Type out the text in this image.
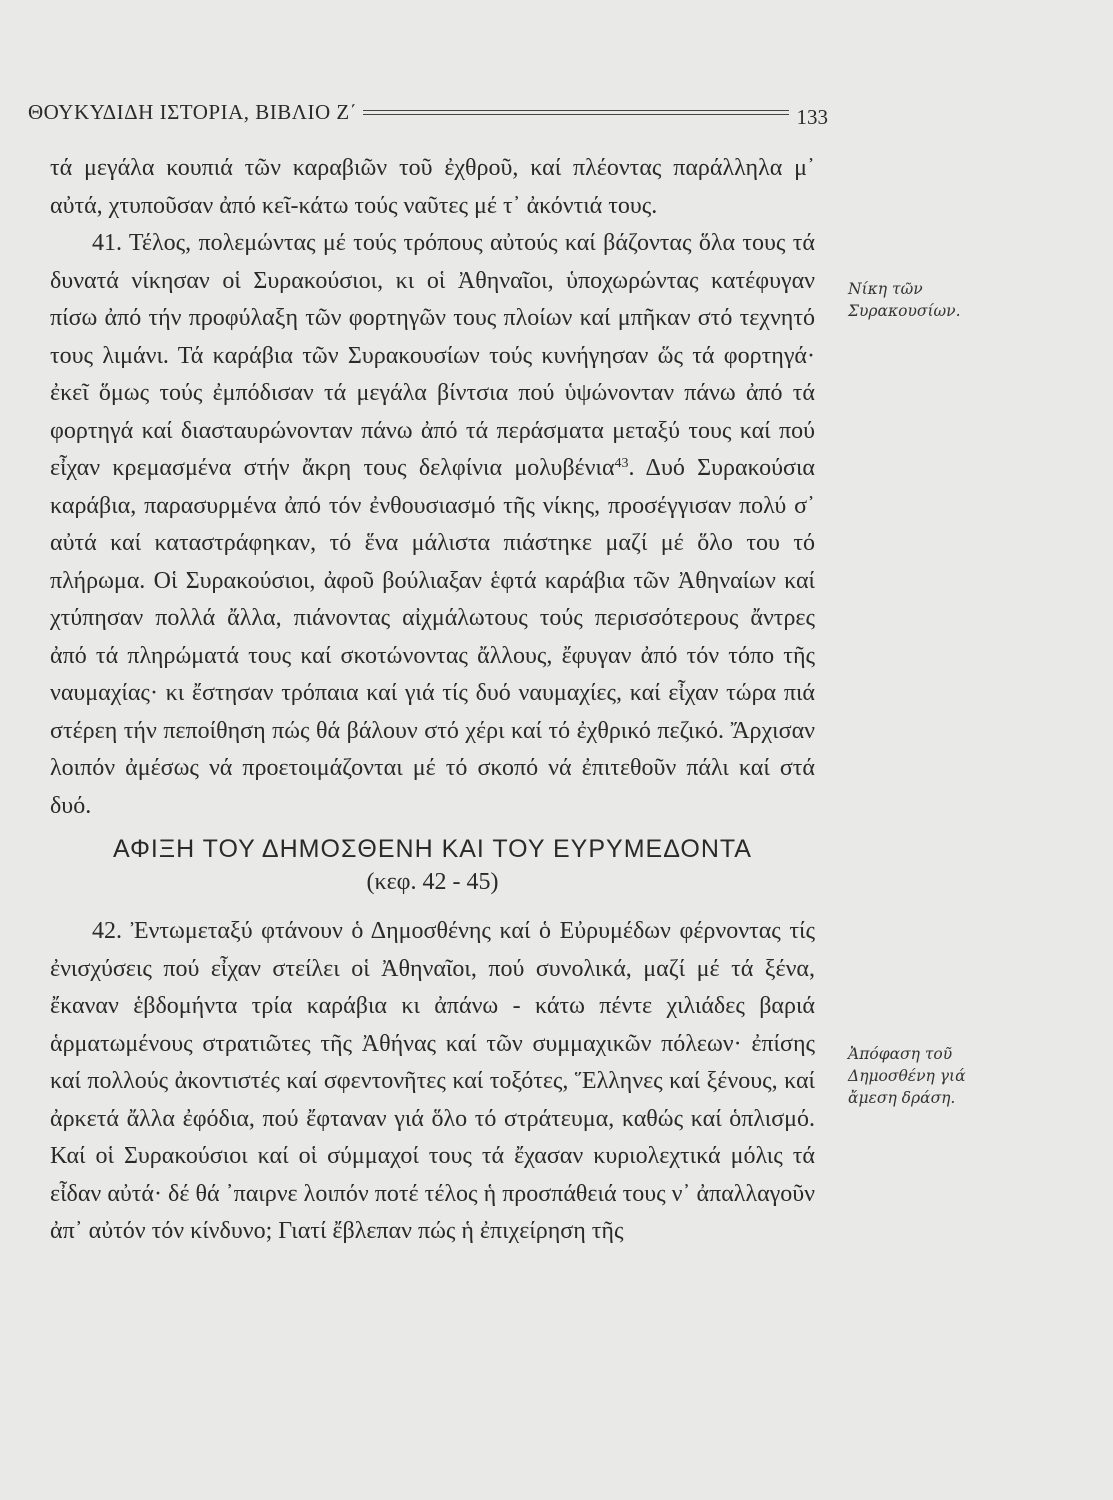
ΘΟΥΚΥΔΙΔΗ ΙΣΤΟΡΙΑ, ΒΙΒΛΙΟ Ζ΄	133

τά μεγάλα κουπιά τῶν καραβιῶν τοῦ ἐχθροῦ, καί πλέοντας παράλληλα μ᾽ αὐτά, χτυποῦσαν ἀπό κεῖ-κάτω τούς ναῦτες μέ τ᾽ ἀκόντιά τους.

41. Τέλος, πολεμώντας μέ τούς τρόπους αὐτούς καί βάζοντας ὅλα τους τά δυνατά νίκησαν οἱ Συρακούσιοι, κι οἱ Ἀθηναῖοι, ὑποχωρώντας κατέφυγαν πίσω ἀπό τήν προφύλαξη τῶν φορτηγῶν τους πλοίων καί μπῆκαν στό τεχνητό τους λιμάνι. Τά καράβια τῶν Συρακουσίων τούς κυνήγησαν ὥς τά φορτηγά· ἐκεῖ ὅμως τούς ἐμπόδισαν τά μεγάλα βίντσια πού ὑψώνονταν πάνω ἀπό τά φορτηγά καί διασταυρώνονταν πάνω ἀπό τά περάσματα μεταξύ τους καί πού εἶχαν κρεμασμένα στήν ἄκρη τους δελφίνια μολυβένια$^{43}$. Δυό Συρακούσια καράβια, παρασυρμένα ἀπό τόν ἐνθουσιασμό τῆς νίκης, προσέγγισαν πολύ σ᾽ αὐτά καί καταστράφηκαν, τό ἕνα μάλιστα πιάστηκε μαζί μέ ὅλο του τό πλήρωμα. Οἱ Συρακούσιοι, ἀφοῦ βούλιαξαν ἑφτά καράβια τῶν Ἀθηναίων καί χτύπησαν πολλά ἄλλα, πιάνοντας αἰχμάλωτους τούς περισσότερους ἄντρες ἀπό τά πληρώματά τους καί σκοτώνοντας ἄλλους, ἔφυγαν ἀπό τόν τόπο τῆς ναυμαχίας· κι ἔστησαν τρόπαια καί γιά τίς δυό ναυμαχίες, καί εἶχαν τώρα πιά στέρεη τήν πεποίθηση πώς θά βάλουν στό χέρι καί τό ἐχθρικό πεζικό. Ἄρχισαν λοιπόν ἀμέσως νά προετοιμάζονται μέ τό σκοπό νά ἐπιτεθοῦν πάλι καί στά δυό.

ΑΦΙΞΗ ΤΟΥ ΔΗΜΟΣΘΕΝΗ ΚΑΙ ΤΟΥ ΕΥΡΥΜΕΔΟΝΤΑ
(κεφ. 42 - 45)

42. Ἐντωμεταξύ φτάνουν ὁ Δημοσθένης καί ὁ Εὐρυμέδων φέρνοντας τίς ἐνισχύσεις πού εἶχαν στείλει οἱ Ἀθηναῖοι, πού συνολικά, μαζί μέ τά ξένα, ἔκαναν ἑβδομήντα τρία καράβια κι ἀπάνω - κάτω πέντε χιλιάδες βαριά ἁρματωμένους στρατιῶτες τῆς Ἀθήνας καί τῶν συμμαχικῶν πόλεων· ἐπίσης καί πολλούς ἀκοντιστές καί σφεντονῆτες καί τοξότες, Ἕλληνες καί ξένους, καί ἀρκετά ἄλλα ἐφόδια, πού ἔφταναν γιά ὅλο τό στράτευμα, καθώς καί ὁπλισμό. Καί οἱ Συρακούσιοι καί οἱ σύμμαχοί τους τά ἔχασαν κυριολεχτικά μόλις τά εἶδαν αὐτά· δέ θά ᾽παιρνε λοιπόν ποτέ τέλος ἡ προσπάθειά τους ν᾽ ἀπαλλαγοῦν ἀπ᾽ αὐτόν τόν κίνδυνο; Γιατί ἔβλεπαν πώς ἡ ἐπιχείρηση τῆς

Νίκη τῶν Συρακουσίων.
Ἀπόφαση τοῦ Δημοσθένη γιά ἄμεση δράση.
